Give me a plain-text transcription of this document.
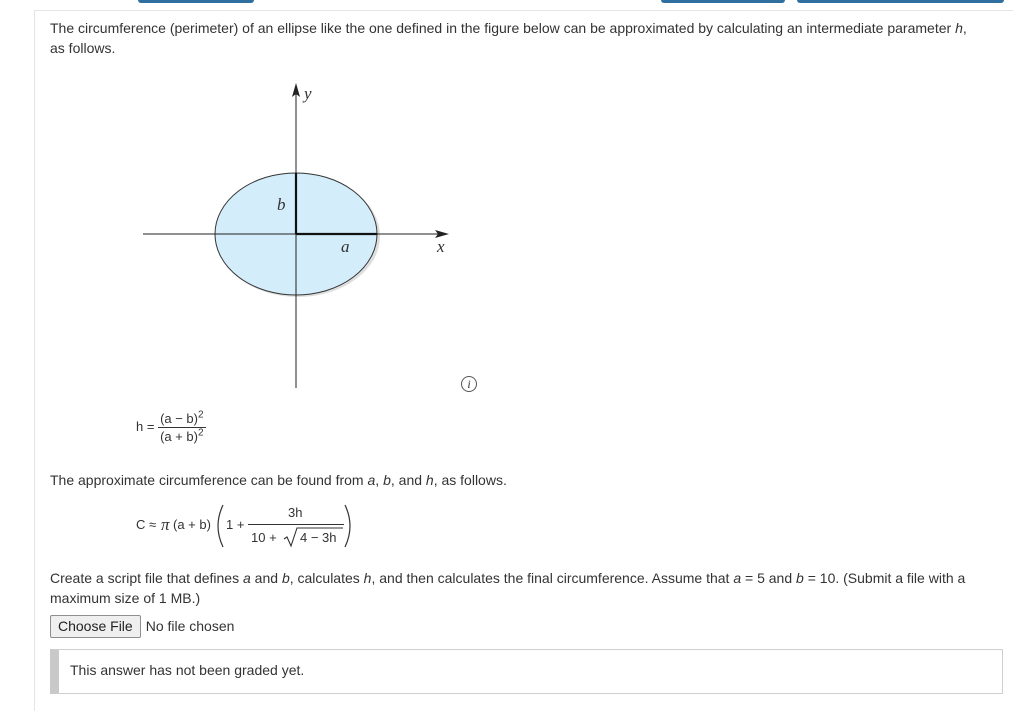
The circumference (perimeter) of an ellipse like the one defined in the figure below can be approximated by calculating an intermediate parameter h,
as follows.

y
x
a
b
i
$h = \frac{(a - b)^2}{(a + b)^2}$

The approximate circumference can be found from a, b, and h, as follows.

C ≈ π (a + b) 1 +
3h
10 + 4 − 3h

Create a script file that defines a and b, calculates h, and then calculates the final circumference. Assume that a = 5 and b = 10. (Submit a file with a
maximum size of 1 MB.)

Choose File No file chosen
This answer has not been graded yet.
